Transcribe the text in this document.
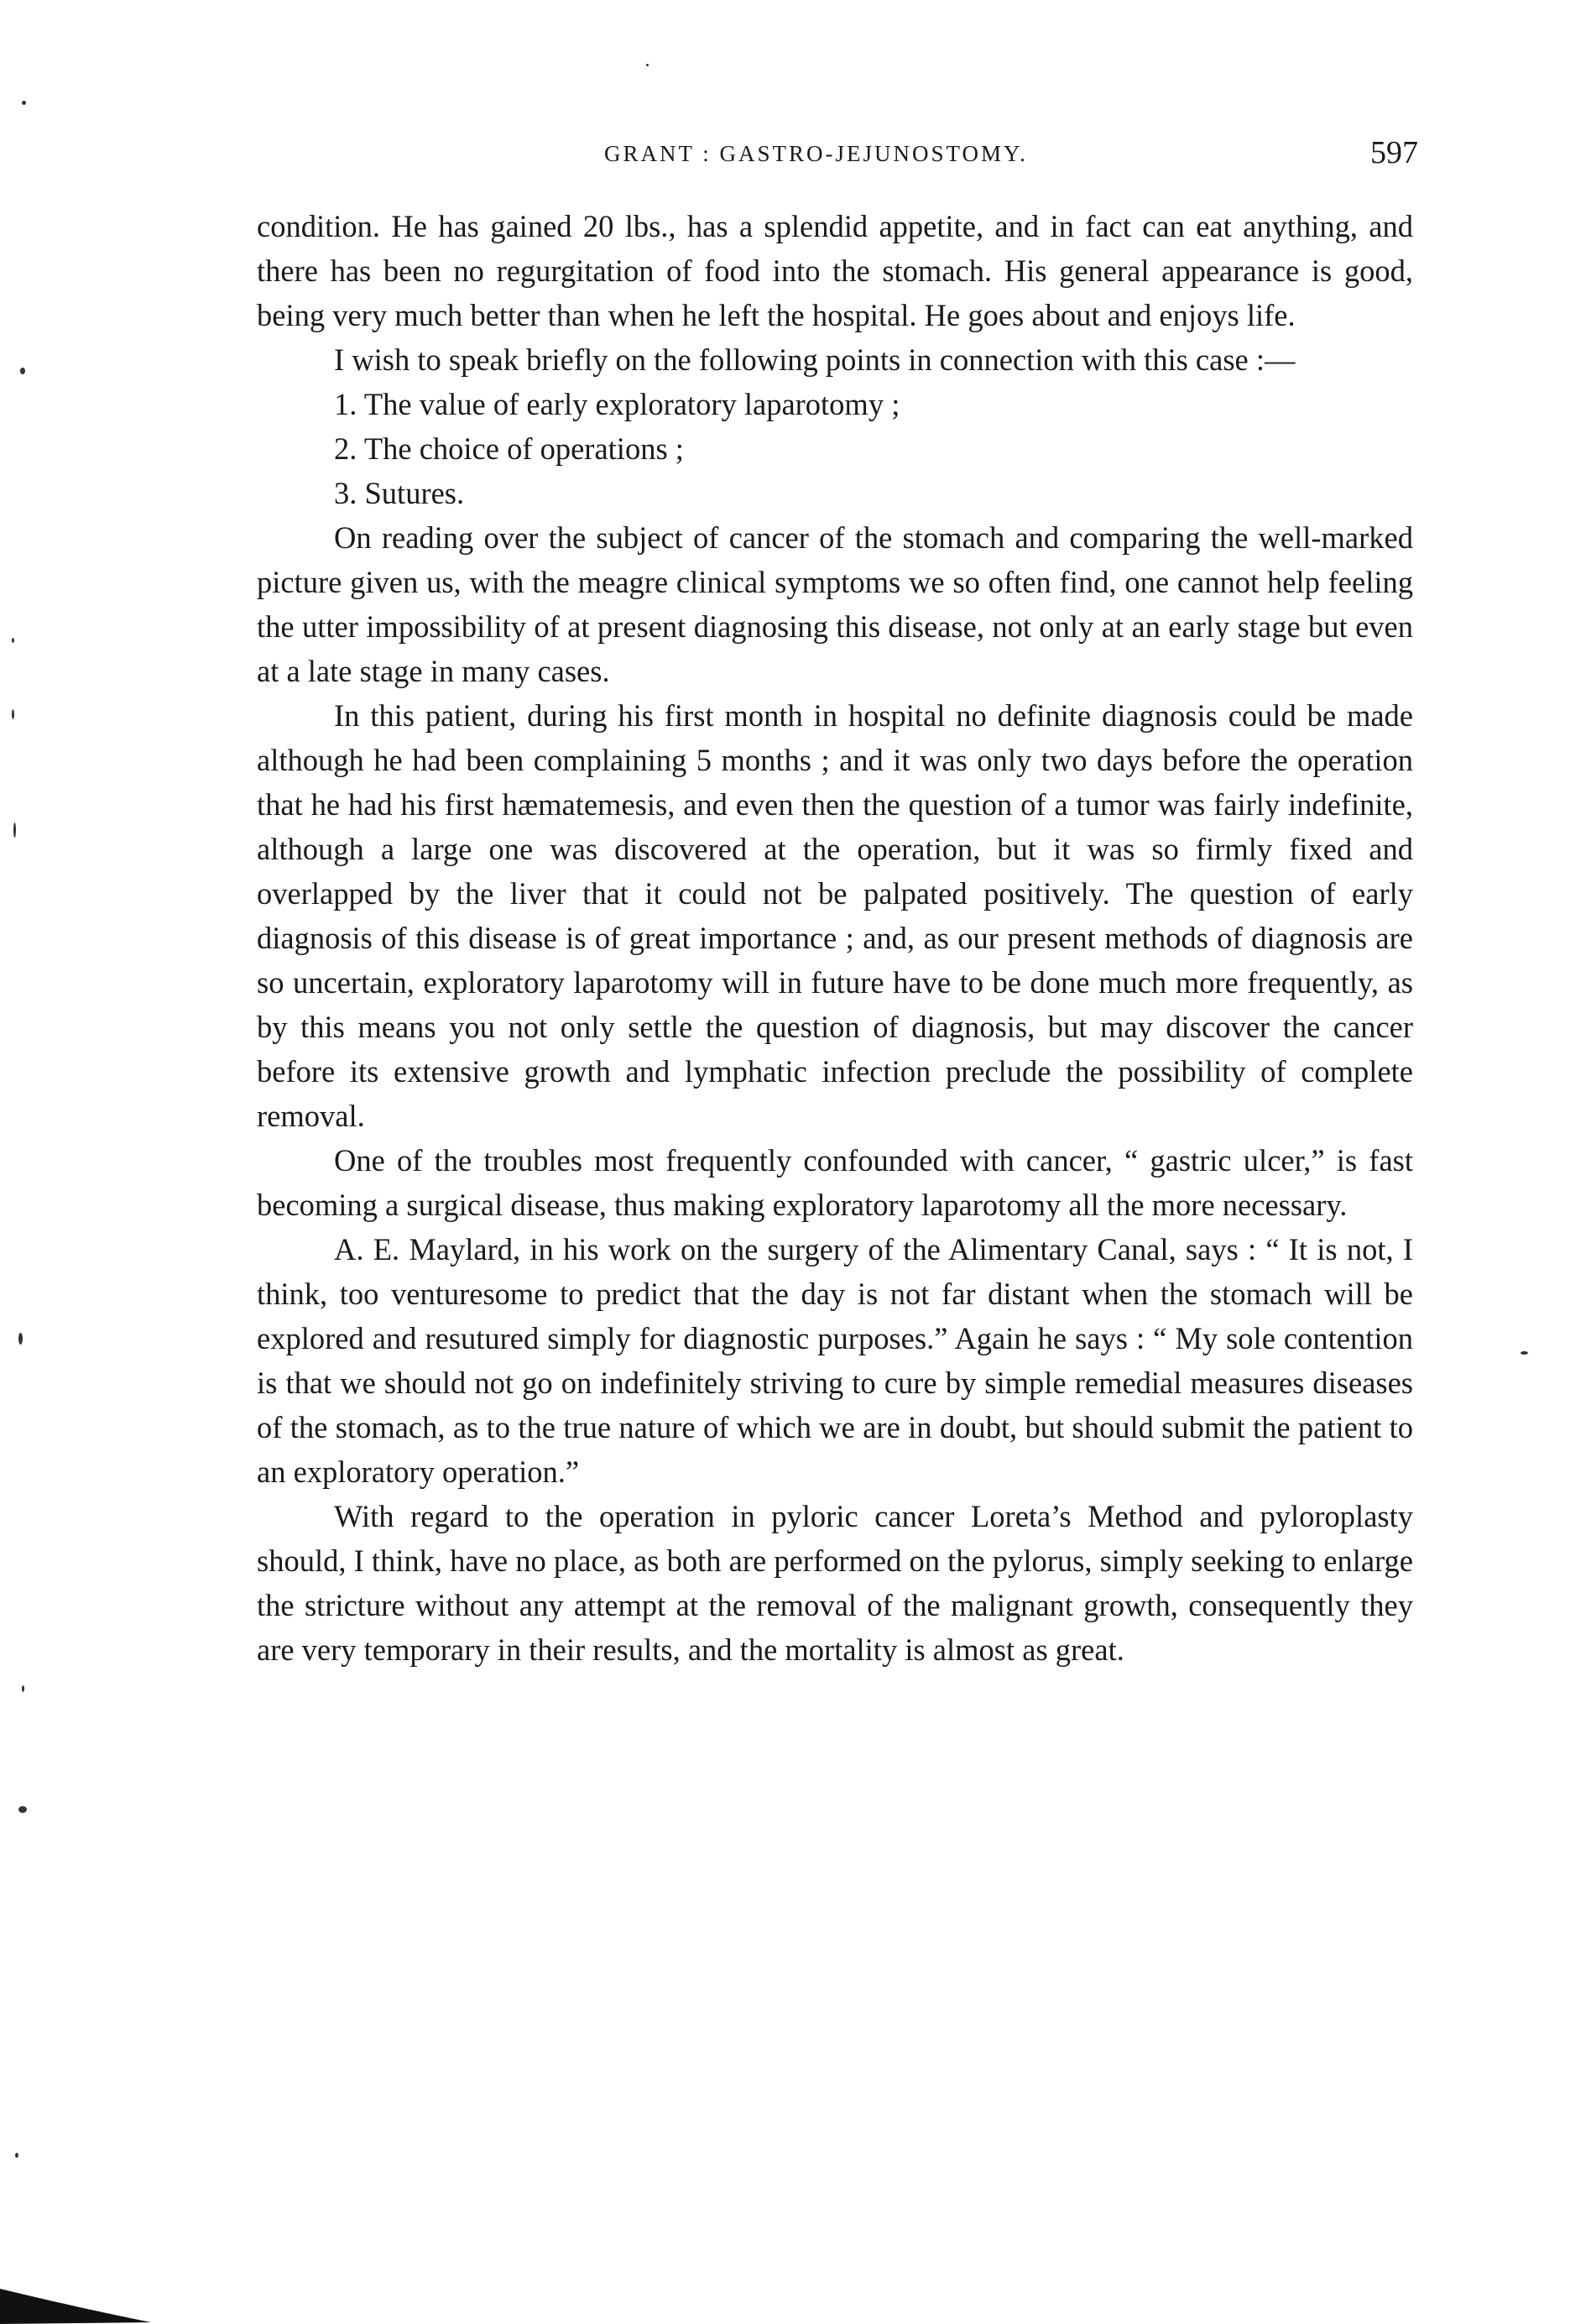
GRANT : GASTRO-JEJUNOSTOMY.	597

condition. He has gained 20 lbs., has a splendid appetite, and in fact can eat anything, and there has been no regurgitation of food into the stomach. His general appearance is good, being very much better than when he left the hospital. He goes about and enjoys life.

I wish to speak briefly on the following points in connection with this case :—

1. The value of early exploratory laparotomy ;
2. The choice of operations ;
3. Sutures.

On reading over the subject of cancer of the stomach and comparing the well-marked picture given us, with the meagre clinical symptoms we so often find, one cannot help feeling the utter impossibility of at present diagnosing this disease, not only at an early stage but even at a late stage in many cases.

In this patient, during his first month in hospital no definite diagnosis could be made although he had been complaining 5 months ; and it was only two days before the operation that he had his first hæmatemesis, and even then the question of a tumor was fairly indefinite, although a large one was discovered at the operation, but it was so firmly fixed and overlapped by the liver that it could not be palpated positively. The question of early diagnosis of this disease is of great importance ; and, as our present methods of diagnosis are so uncertain, exploratory laparotomy will in future have to be done much more frequently, as by this means you not only settle the question of diagnosis, but may discover the cancer before its extensive growth and lymphatic infection preclude the possibility of complete removal.

One of the troubles most frequently confounded with cancer, “ gastric ulcer,” is fast becoming a surgical disease, thus making exploratory laparotomy all the more necessary.

A. E. Maylard, in his work on the surgery of the Alimentary Canal, says : “ It is not, I think, too venturesome to predict that the day is not far distant when the stomach will be explored and resutured simply for diagnostic purposes.” Again he says : “ My sole contention is that we should not go on indefinitely striving to cure by simple remedial measures diseases of the stomach, as to the true nature of which we are in doubt, but should submit the patient to an exploratory operation.”

With regard to the operation in pyloric cancer Loreta’s Method and pyloroplasty should, I think, have no place, as both are performed on the pylorus, simply seeking to enlarge the stricture without any attempt at the removal of the malignant growth, consequently they are very temporary in their results, and the mortality is almost as great.
